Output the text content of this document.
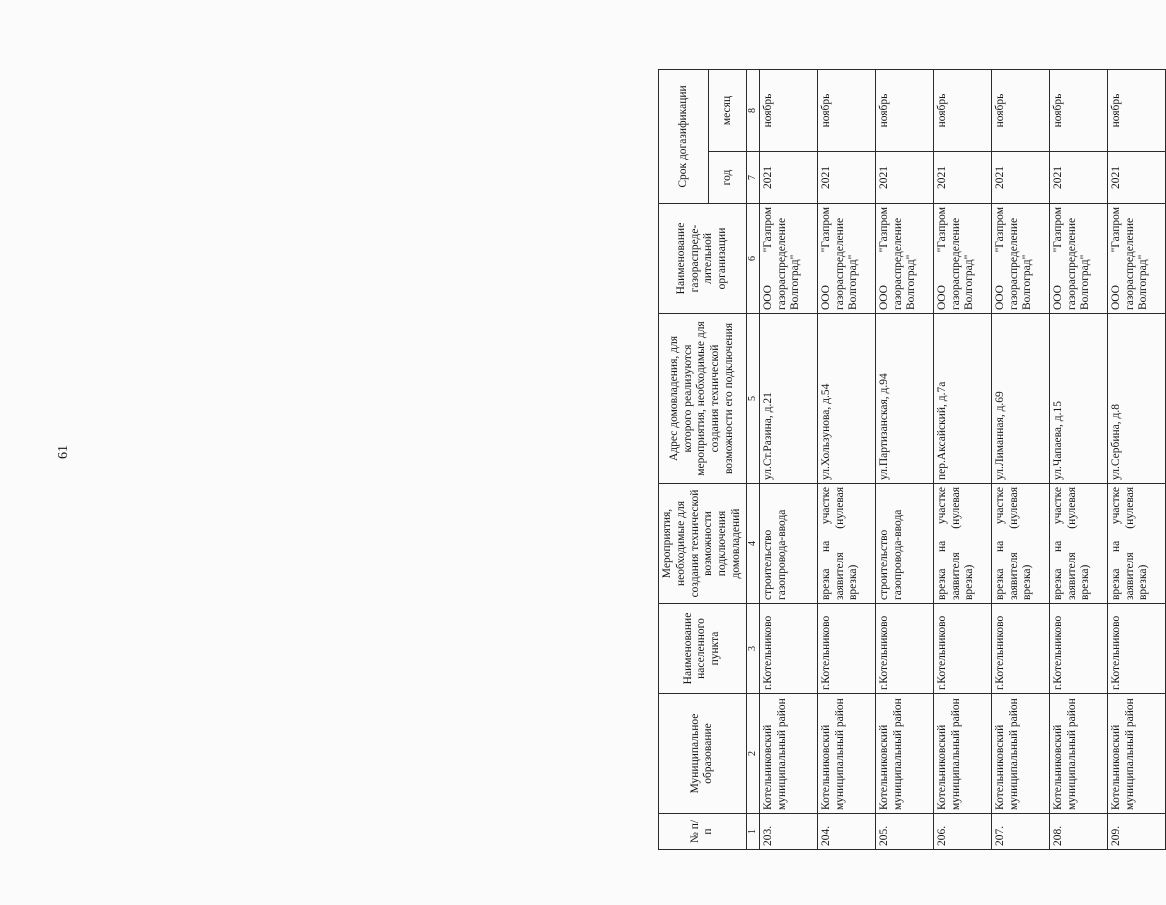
61
№ п/п	Муниципальное образование	Наименование населенного пункта	Мероприятия, необходимые для создания технической возможности подключения домовладений	Адрес домовладения, для которого реализуются мероприятия, необходимые для создания технической возможности его подключения	Наименование газораспреде-лительной организации	Срок догазификации	
						год	месяц
1	2	3	4	5	6	7	8
203.	Котельниковский муниципальный район	г.Котельниково	строительство газопровода-ввода	ул.Ст.Разина, д.21	ООО "Газпром газораспределение Волгоград"	2021	ноябрь
204.	Котельниковский муниципальный район	г.Котельниково	врезка на участке заявителя (нулевая врезка)	ул.Хользунова, д.54	ООО "Газпром газораспределение Волгоград"	2021	ноябрь
205.	Котельниковский муниципальный район	г.Котельниково	строительство газопровода-ввода	ул.Партизанская, д.94	ООО "Газпром газораспределение Волгоград"	2021	ноябрь
206.	Котельниковский муниципальный район	г.Котельниково	врезка на участке заявителя (нулевая врезка)	пер.Аксайский, д.7а	ООО "Газпром газораспределение Волгоград"	2021	ноябрь
207.	Котельниковский муниципальный район	г.Котельниково	врезка на участке заявителя (нулевая врезка)	ул.Лиманная, д.69	ООО "Газпром газораспределение Волгоград"	2021	ноябрь
208.	Котельниковский муниципальный район	г.Котельниково	врезка на участке заявителя (нулевая врезка)	ул.Чапаева, д.15	ООО "Газпром газораспределение Волгоград"	2021	ноябрь
209.	Котельниковский муниципальный район	г.Котельниково	врезка на участке заявителя (нулевая врезка)	ул.Сербина, д.8	ООО "Газпром газораспределение Волгоград"	2021	ноябрь
